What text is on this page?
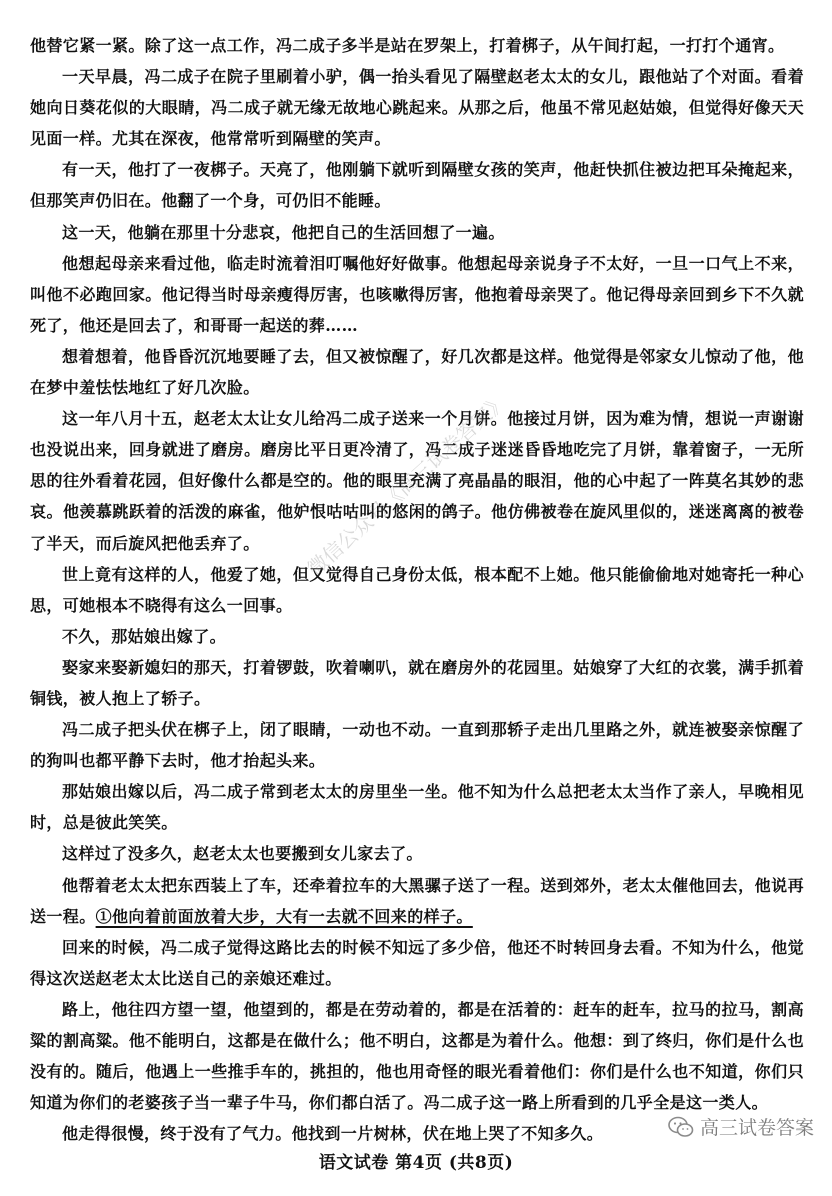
他替它紧一紧。除了这一点工作，冯二成子多半是站在罗架上，打着梆子，从午间打起，一打打个通宵。

一天早晨，冯二成子在院子里刷着小驴，偶一抬头看见了隔壁赵老太太的女儿，跟他站了个对面。看着她向日葵花似的大眼睛，冯二成子就无缘无故地心跳起来。从那之后，他虽不常见赵姑娘，但觉得好像天天见面一样。尤其在深夜，他常常听到隔壁的笑声。

有一天，他打了一夜梆子。天亮了，他刚躺下就听到隔壁女孩的笑声，他赶快抓住被边把耳朵掩起来，但那笑声仍旧在。他翻了一个身，可仍旧不能睡。

这一天，他躺在那里十分悲哀，他把自己的生活回想了一遍。

他想起母亲来看过他，临走时流着泪叮嘱他好好做事。他想起母亲说身子不太好，一旦一口气上不来，叫他不必跑回家。他记得当时母亲瘦得厉害，也咳嗽得厉害，他抱着母亲哭了。他记得母亲回到乡下不久就死了，他还是回去了，和哥哥一起送的葬……

想着想着，他昏昏沉沉地要睡了去，但又被惊醒了，好几次都是这样。他觉得是邻家女儿惊动了他，他在梦中羞怯怯地红了好几次脸。

这一年八月十五，赵老太太让女儿给冯二成子送来一个月饼。他接过月饼，因为难为情，想说一声谢谢也没说出来，回身就进了磨房。磨房比平日更冷清了，冯二成子迷迷昏昏地吃完了月饼，靠着窗子，一无所思的往外看着花园，但好像什么都是空的。他的眼里充满了亮晶晶的眼泪，他的心中起了一阵莫名其妙的悲哀。他羡慕跳跃着的活泼的麻雀，他妒恨咕咕叫的悠闲的鸽子。他仿佛被卷在旋风里似的，迷迷离离的被卷了半天，而后旋风把他丢弃了。

世上竟有这样的人，他爱了她，但又觉得自己身份太低，根本配不上她。他只能偷偷地对她寄托一种心思，可她根本不晓得有这么一回事。

不久，那姑娘出嫁了。

娶家来娶新媳妇的那天，打着锣鼓，吹着喇叭，就在磨房外的花园里。姑娘穿了大红的衣裳，满手抓着铜钱，被人抱上了轿子。

冯二成子把头伏在梆子上，闭了眼睛，一动也不动。一直到那轿子走出几里路之外，就连被娶亲惊醒了的狗叫也都平静下去时，他才抬起头来。

那姑娘出嫁以后，冯二成子常到老太太的房里坐一坐。他不知为什么总把老太太当作了亲人，早晚相见时，总是彼此笑笑。

这样过了没多久，赵老太太也要搬到女儿家去了。

他帮着老太太把东西装上了车，还牵着拉车的大黑骡子送了一程。送到郊外，老太太催他回去，他说再送一程。①他向着前面放着大步，大有一去就不回来的样子。

回来的时候，冯二成子觉得这路比去的时候不知远了多少倍，他还不时转回身去看。不知为什么，他觉得这次送赵老太太比送自己的亲娘还难过。

路上，他往四方望一望，他望到的，都是在劳动着的，都是在活着的：赶车的赶车，拉马的拉马，割高粱的割高粱。他不能明白，这都是在做什么；他不明白，这都是为着什么。他想：到了终归，你们是什么也没有的。随后，他遇上一些推手车的，挑担的，他也用奇怪的眼光看着他们：你们是什么也不知道，你们只知道为你们的老婆孩子当一辈子牛马，你们都白活了。冯二成子这一路上所看到的几乎全是这一类人。

他走得很慢，终于没有了气力。他找到一片树林，伏在地上哭了不知多久。

微信公众号《高三试卷答案》
语文试卷 第4页 (共8页)
高三试卷答案
